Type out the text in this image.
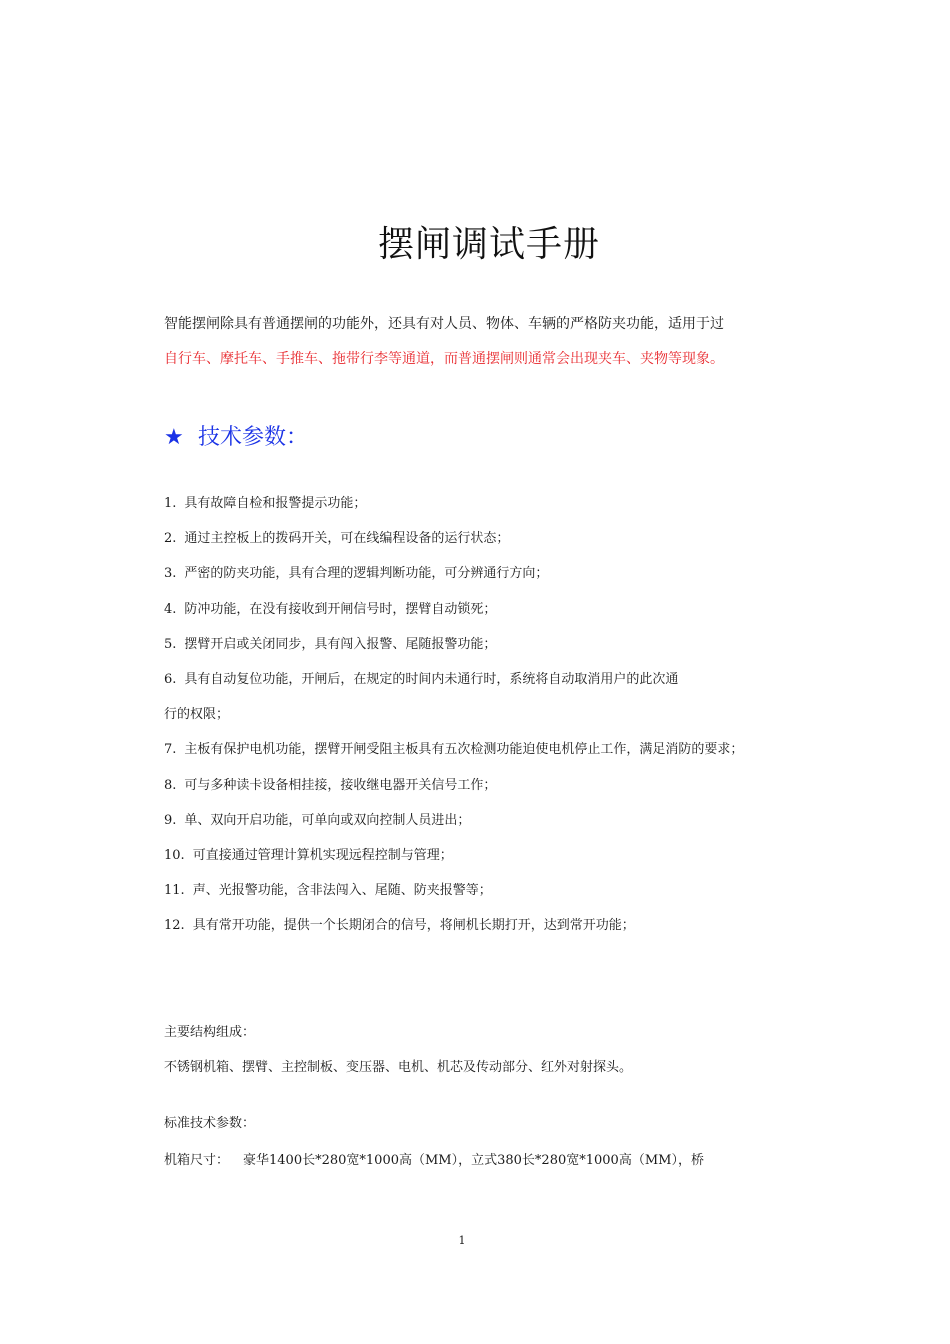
摆闸调试手册
智能摆闸除具有普通摆闸的功能外，还具有对人员、物体、车辆的严格防夹功能，适用于过
自行车、摩托车、手推车、拖带行李等通道，而普通摆闸则通常会出现夹车、夹物等现象。
★ 技术参数：
1. 具有故障自检和报警提示功能；
2. 通过主控板上的拨码开关，可在线编程设备的运行状态；
3. 严密的防夹功能，具有合理的逻辑判断功能，可分辨通行方向；
4. 防冲功能，在没有接收到开闸信号时，摆臂自动锁死；
5. 摆臂开启或关闭同步，具有闯入报警、尾随报警功能；
6. 具有自动复位功能，开闸后，在规定的时间内未通行时，系统将自动取消用户的此次通
行的权限；
7. 主板有保护电机功能，摆臂开闸受阻主板具有五次检测功能迫使电机停止工作，满足消防的要求；
8. 可与多种读卡设备相挂接，接收继电器开关信号工作；
9. 单、双向开启功能，可单向或双向控制人员进出；
10. 可直接通过管理计算机实现远程控制与管理；
11. 声、光报警功能，含非法闯入、尾随、防夹报警等；
12. 具有常开功能，提供一个长期闭合的信号，将闸机长期打开，达到常开功能；
主要结构组成：
不锈钢机箱、摆臂、主控制板、变压器、电机、机芯及传动部分、红外对射探头。
标准技术参数：
机箱尺寸： 豪华1400长*280宽*1000高（MM），立式380长*280宽*1000高（MM），桥
1
